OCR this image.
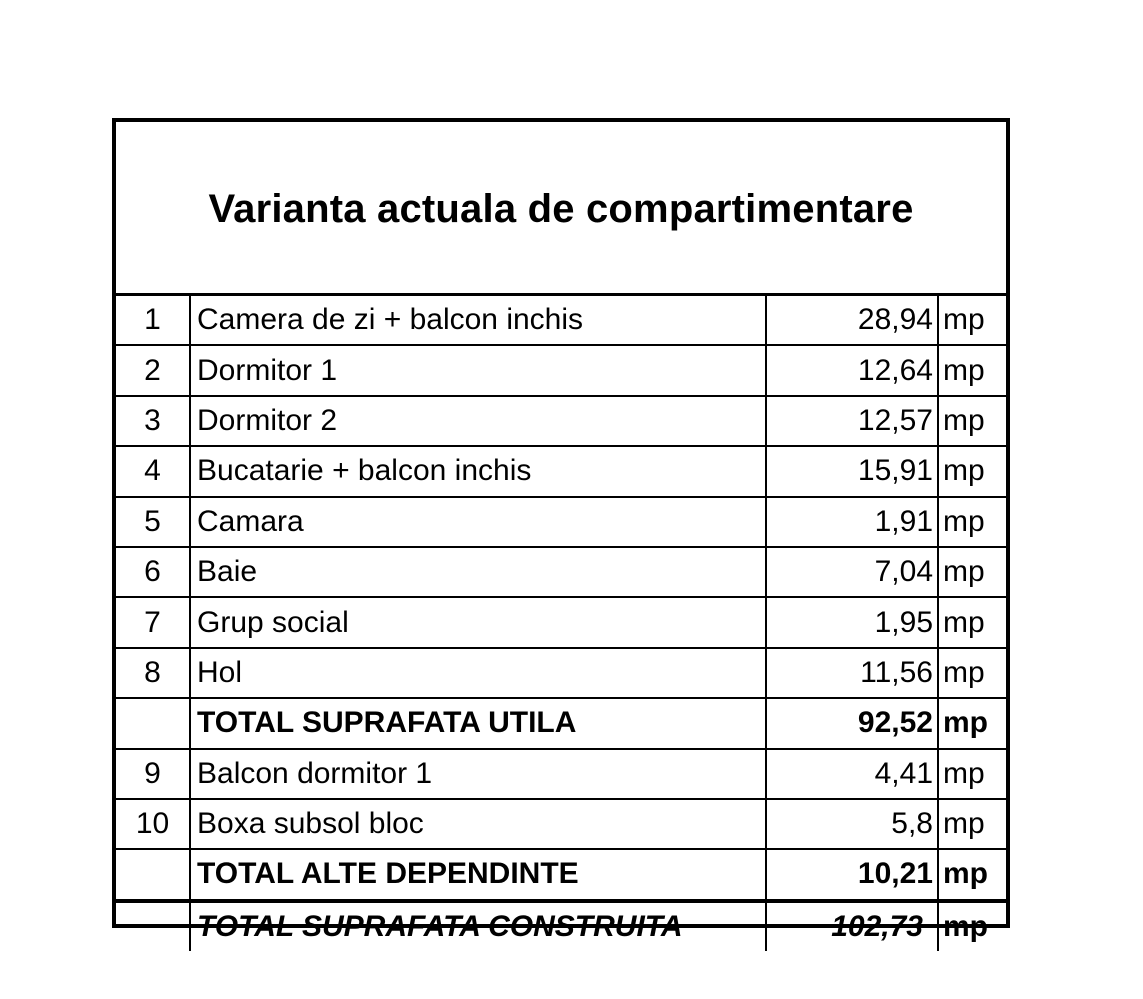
Varianta actuala de compartimentare
1	Camera de zi + balcon inchis	28,94	mp
2	Dormitor 1	12,64	mp
3	Dormitor 2	12,57	mp
4	Bucatarie + balcon inchis	15,91	mp
5	Camara	1,91	mp
6	Baie	7,04	mp
7	Grup social	1,95	mp
8	Hol	11,56	mp
	TOTAL SUPRAFATA UTILA	92,52	mp
9	Balcon dormitor 1	4,41	mp
10	Boxa subsol bloc	5,8	mp
	TOTAL ALTE DEPENDINTE	10,21	mp
	TOTAL SUPRAFATA CONSTRUITA	102,73	mp
